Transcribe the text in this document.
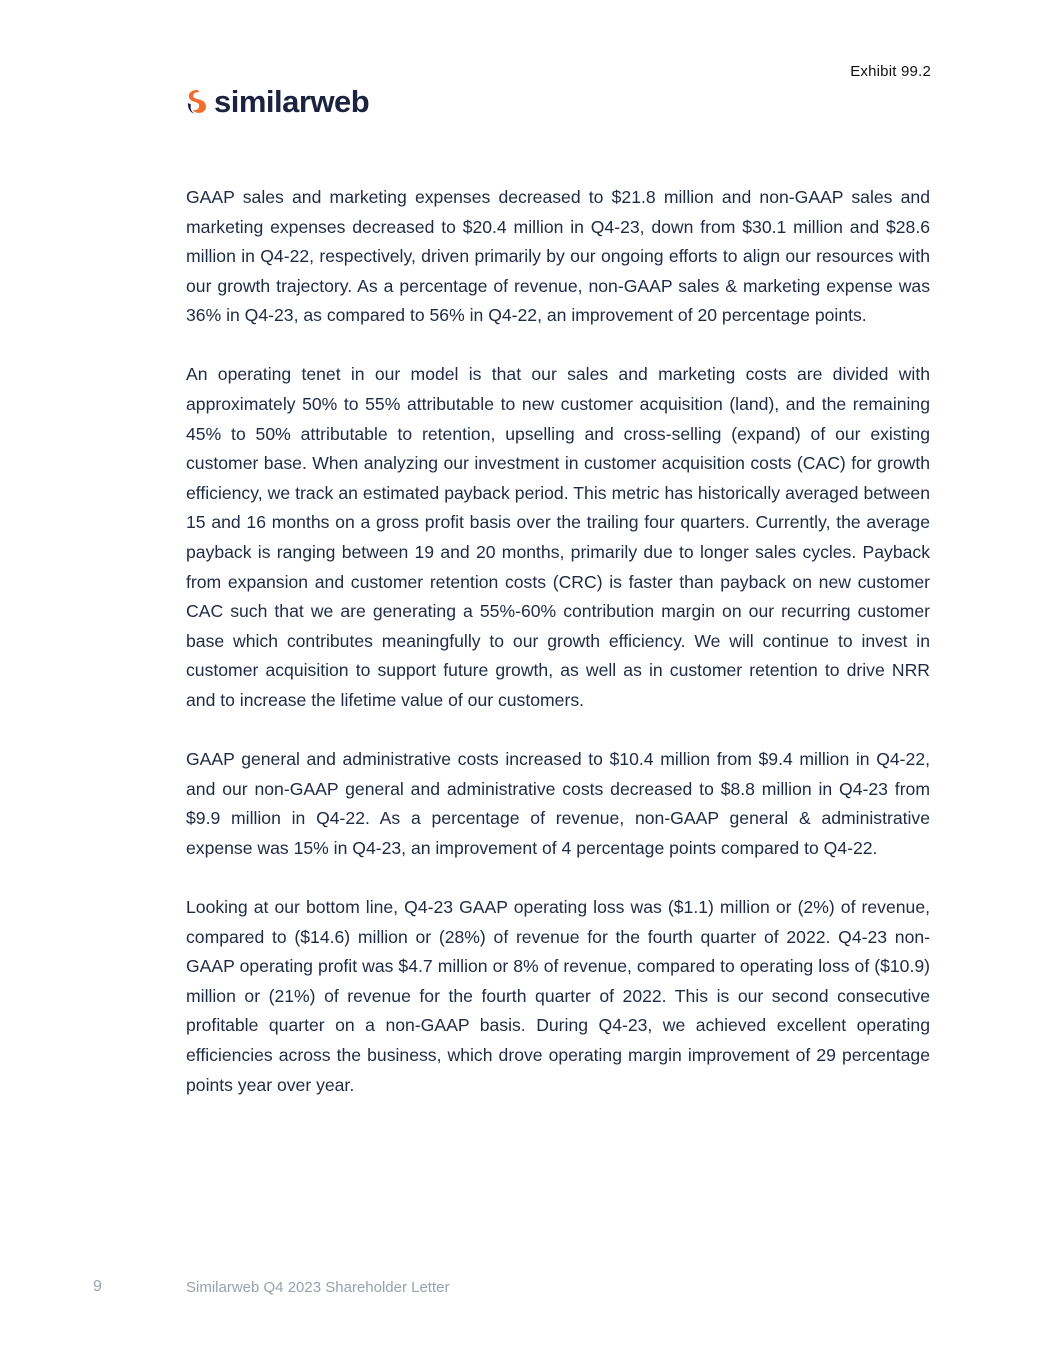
Exhibit 99.2
similarweb

GAAP sales and marketing expenses decreased to $21.8 million and non-GAAP sales and marketing expenses decreased to $20.4 million in Q4-23, down from $30.1 million and $28.6 million in Q4-22, respectively, driven primarily by our ongoing efforts to align our resources with our growth trajectory. As a percentage of revenue, non-GAAP sales & marketing expense was 36% in Q4-23, as compared to 56% in Q4-22, an improvement of 20 percentage points.

An operating tenet in our model is that our sales and marketing costs are divided with approximately 50% to 55% attributable to new customer acquisition (land), and the remaining 45% to 50% attributable to retention, upselling and cross-selling (expand) of our existing customer base. When analyzing our investment in customer acquisition costs (CAC) for growth efficiency, we track an estimated payback period. This metric has historically averaged between 15 and 16 months on a gross profit basis over the trailing four quarters. Currently, the average payback is ranging between 19 and 20 months, primarily due to longer sales cycles. Payback from expansion and customer retention costs (CRC) is faster than payback on new customer CAC such that we are generating a 55%-60% contribution margin on our recurring customer base which contributes meaningfully to our growth efficiency. We will continue to invest in customer acquisition to support future growth, as well as in customer retention to drive NRR and to increase the lifetime value of our customers.

GAAP general and administrative costs increased to $10.4 million from $9.4 million in Q4-22, and our non-GAAP general and administrative costs decreased to $8.8 million in Q4-23 from $9.9 million in Q4-22. As a percentage of revenue, non-GAAP general & administrative expense was 15% in Q4-23, an improvement of 4 percentage points compared to Q4-22.

Looking at our bottom line, Q4-23 GAAP operating loss was ($1.1) million or (2%) of revenue, compared to ($14.6) million or (28%) of revenue for the fourth quarter of 2022. Q4-23 non-GAAP operating profit was $4.7 million or 8% of revenue, compared to operating loss of ($10.9) million or (21%) of revenue for the fourth quarter of 2022. This is our second consecutive profitable quarter on a non-GAAP basis. During Q4-23, we achieved excellent operating efficiencies across the business, which drove operating margin improvement of 29 percentage points year over year.

9	Similarweb Q4 2023 Shareholder Letter
